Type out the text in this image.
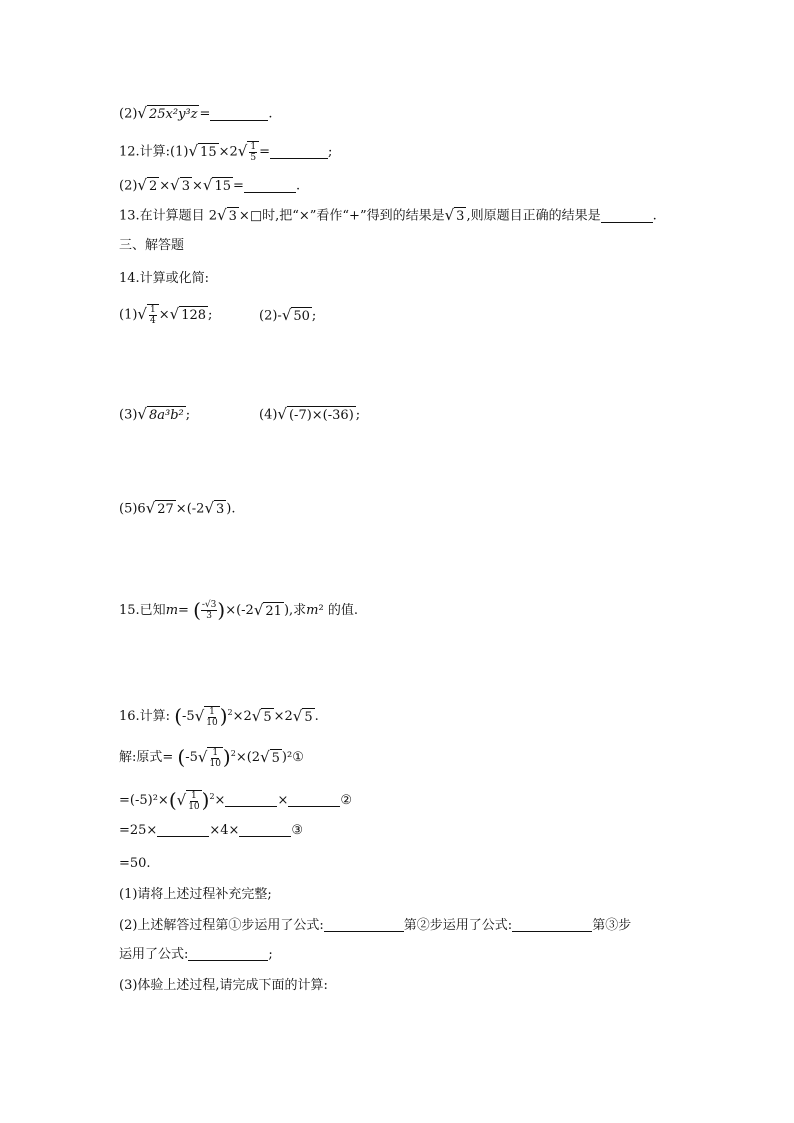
(2)√ 25x²y³z =	.
12.计算:(1)√ $15 \times 2√ \frac{1}{5}$ =	;
(2)√ 2 ×√ 3 ×√ 15 =	.
13.在计算题目 2√ 3 ×□时,把“×”看作“+”得到的结果是√ 3 ,则原题目正确的结果是	.
三、解答题
14.计算或化简:
$(1)√ \frac{1}{4}$ ×√ 128 ;	(2)-√ 50 ;
(3)√ 8a³b² ;	(4)√ (-7)×(-36) ;
(5)6√ 27 ×(-2√ 3 ).
15.已知m= ( $\frac{-√3}{3} )\times(-2√$ 21 ),求m² 的值.
16.计算: $(-5√ \frac{1}{10} )^2\times 2√$ 5 ×2√ 5 .
解:原式= $(-5√ \frac{1}{10} )^2\times(2√$ 5 )²①
$=(-5)^2\times(√ \frac{1}{10} )^2\times$	×	②
=25×	×4×	③
=50.
(1)请将上述过程补充完整;
(2)上述解答过程第①步运用了公式:	第②步运用了公式:	第③步
运用了公式:	;
(3)体验上述过程,请完成下面的计算:
